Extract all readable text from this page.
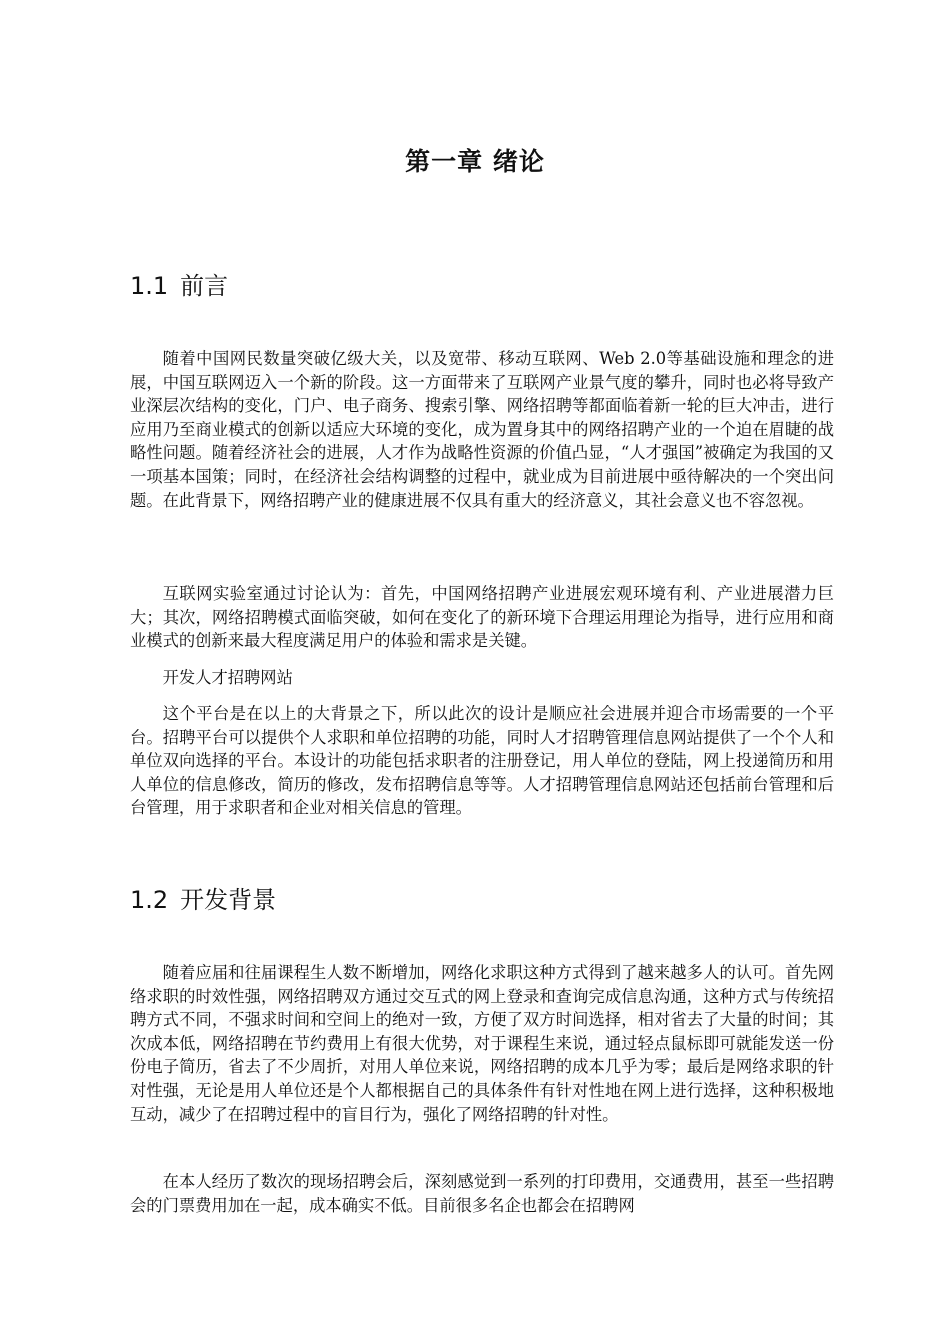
第一章 绪论
1.1 前言

随着中国网民数量突破亿级大关，以及宽带、移动互联网、Web 2.0等基础设施和理念的进展，中国互联网迈入一个新的阶段。这一方面带来了互联网产业景气度的攀升，同时也必将导致产业深层次结构的变化，门户、电子商务、搜索引擎、网络招聘等都面临着新一轮的巨大冲击，进行应用乃至商业模式的创新以适应大环境的变化，成为置身其中的网络招聘产业的一个迫在眉睫的战略性问题。随着经济社会的进展，人才作为战略性资源的价值凸显，“人才强国”被确定为我国的又一项基本国策；同时，在经济社会结构调整的过程中，就业成为目前进展中亟待解决的一个突出问题。在此背景下，网络招聘产业的健康进展不仅具有重大的经济意义，其社会意义也不容忽视。

互联网实验室通过讨论认为：首先，中国网络招聘产业进展宏观环境有利、产业进展潜力巨大；其次，网络招聘模式面临突破，如何在变化了的新环境下合理运用理论为指导，进行应用和商业模式的创新来最大程度满足用户的体验和需求是关键。

开发人才招聘网站

这个平台是在以上的大背景之下，所以此次的设计是顺应社会进展并迎合市场需要的一个平台。招聘平台可以提供个人求职和单位招聘的功能，同时人才招聘管理信息网站提供了一个个人和单位双向选择的平台。本设计的功能包括求职者的注册登记，用人单位的登陆，网上投递简历和用人单位的信息修改，简历的修改，发布招聘信息等等。人才招聘管理信息网站还包括前台管理和后台管理，用于求职者和企业对相关信息的管理。

1.2 开发背景

随着应届和往届课程生人数不断增加，网络化求职这种方式得到了越来越多人的认可。首先网络求职的时效性强，网络招聘双方通过交互式的网上登录和查询完成信息沟通，这种方式与传统招聘方式不同，不强求时间和空间上的绝对一致，方便了双方时间选择，相对省去了大量的时间；其次成本低，网络招聘在节约费用上有很大优势，对于课程生来说，通过轻点鼠标即可就能发送一份份电子简历，省去了不少周折，对用人单位来说，网络招聘的成本几乎为零；最后是网络求职的针对性强，无论是用人单位还是个人都根据自己的具体条件有针对性地在网上进行选择，这种积极地互动，减少了在招聘过程中的盲目行为，强化了网络招聘的针对性。

在本人经历了数次的现场招聘会后，深刻感觉到一系列的打印费用，交通费用，甚至一些招聘会的门票费用加在一起，成本确实不低。目前很多名企也都会在招聘网
